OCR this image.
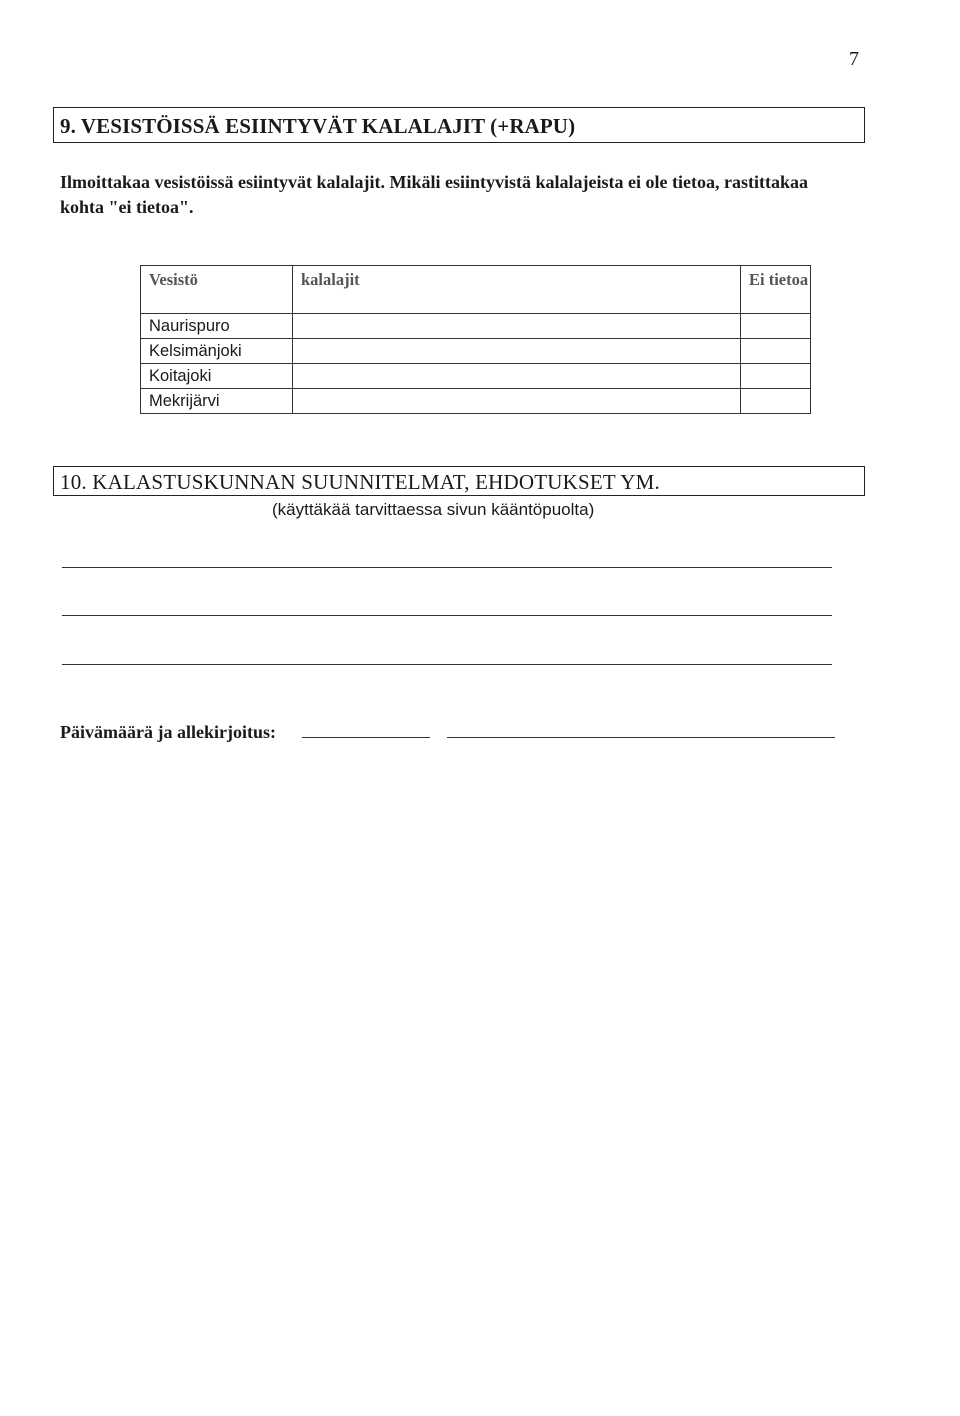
7
9. VESISTÖISSÄ ESIINTYVÄT KALALAJIT (+RAPU)
Ilmoittakaa vesistöissä esiintyvät kalalajit. Mikäli esiintyvistä kalalajeista ei ole tietoa, rastittakaa kohta "ei tietoa".
Vesistö	kalalajit	Ei tietoa
Naurispuro		
Kelsimänjoki		
Koitajoki		
Mekrijärvi		
10. KALASTUSKUNNAN SUUNNITELMAT, EHDOTUKSET YM.
(käyttäkää tarvittaessa sivun kääntöpuolta)
Päivämäärä ja allekirjoitus:
